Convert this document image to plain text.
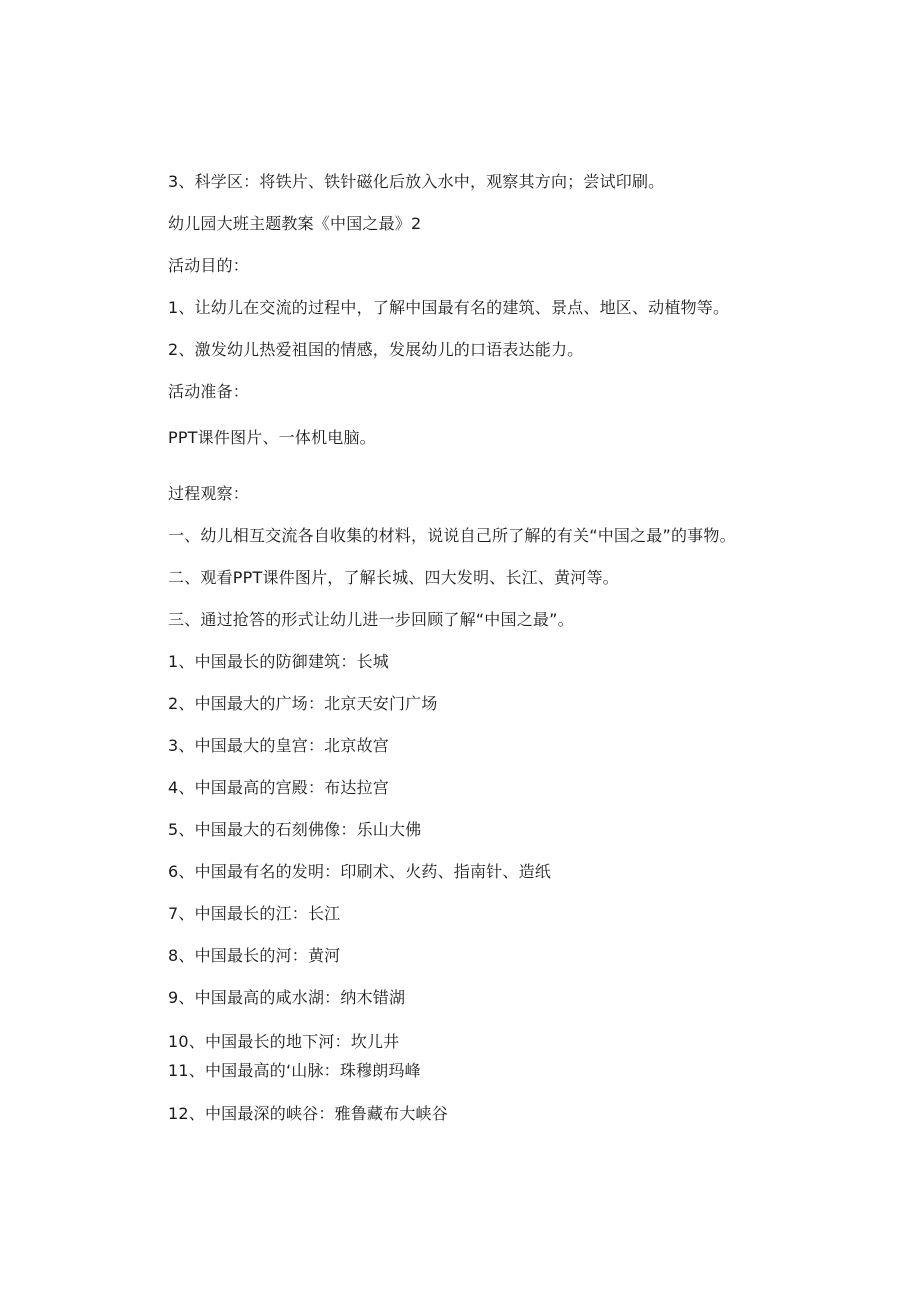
3、科学区：将铁片、铁针磁化后放入水中，观察其方向；尝试印刷。
幼儿园大班主题教案《中国之最》2
活动目的：
1、让幼儿在交流的过程中，了解中国最有名的建筑、景点、地区、动植物等。
2、激发幼儿热爱祖国的情感，发展幼儿的口语表达能力。
活动准备：
PPT课件图片、一体机电脑。
过程观察：
一、幼儿相互交流各自收集的材料，说说自己所了解的有关“中国之最”的事物。
二、观看PPT课件图片，了解长城、四大发明、长江、黄河等。
三、通过抢答的形式让幼儿进一步回顾了解“中国之最”。
1、中国最长的防御建筑：长城
2、中国最大的广场：北京天安门广场
3、中国最大的皇宫：北京故宫
4、中国最高的宫殿：布达拉宫
5、中国最大的石刻佛像：乐山大佛
6、中国最有名的发明：印刷术、火药、指南针、造纸
7、中国最长的江：长江
8、中国最长的河：黄河
9、中国最高的咸水湖：纳木错湖
10、中国最长的地下河：坎儿井
11、中国最高的‘山脉：珠穆朗玛峰
12、中国最深的峡谷：雅鲁藏布大峡谷
